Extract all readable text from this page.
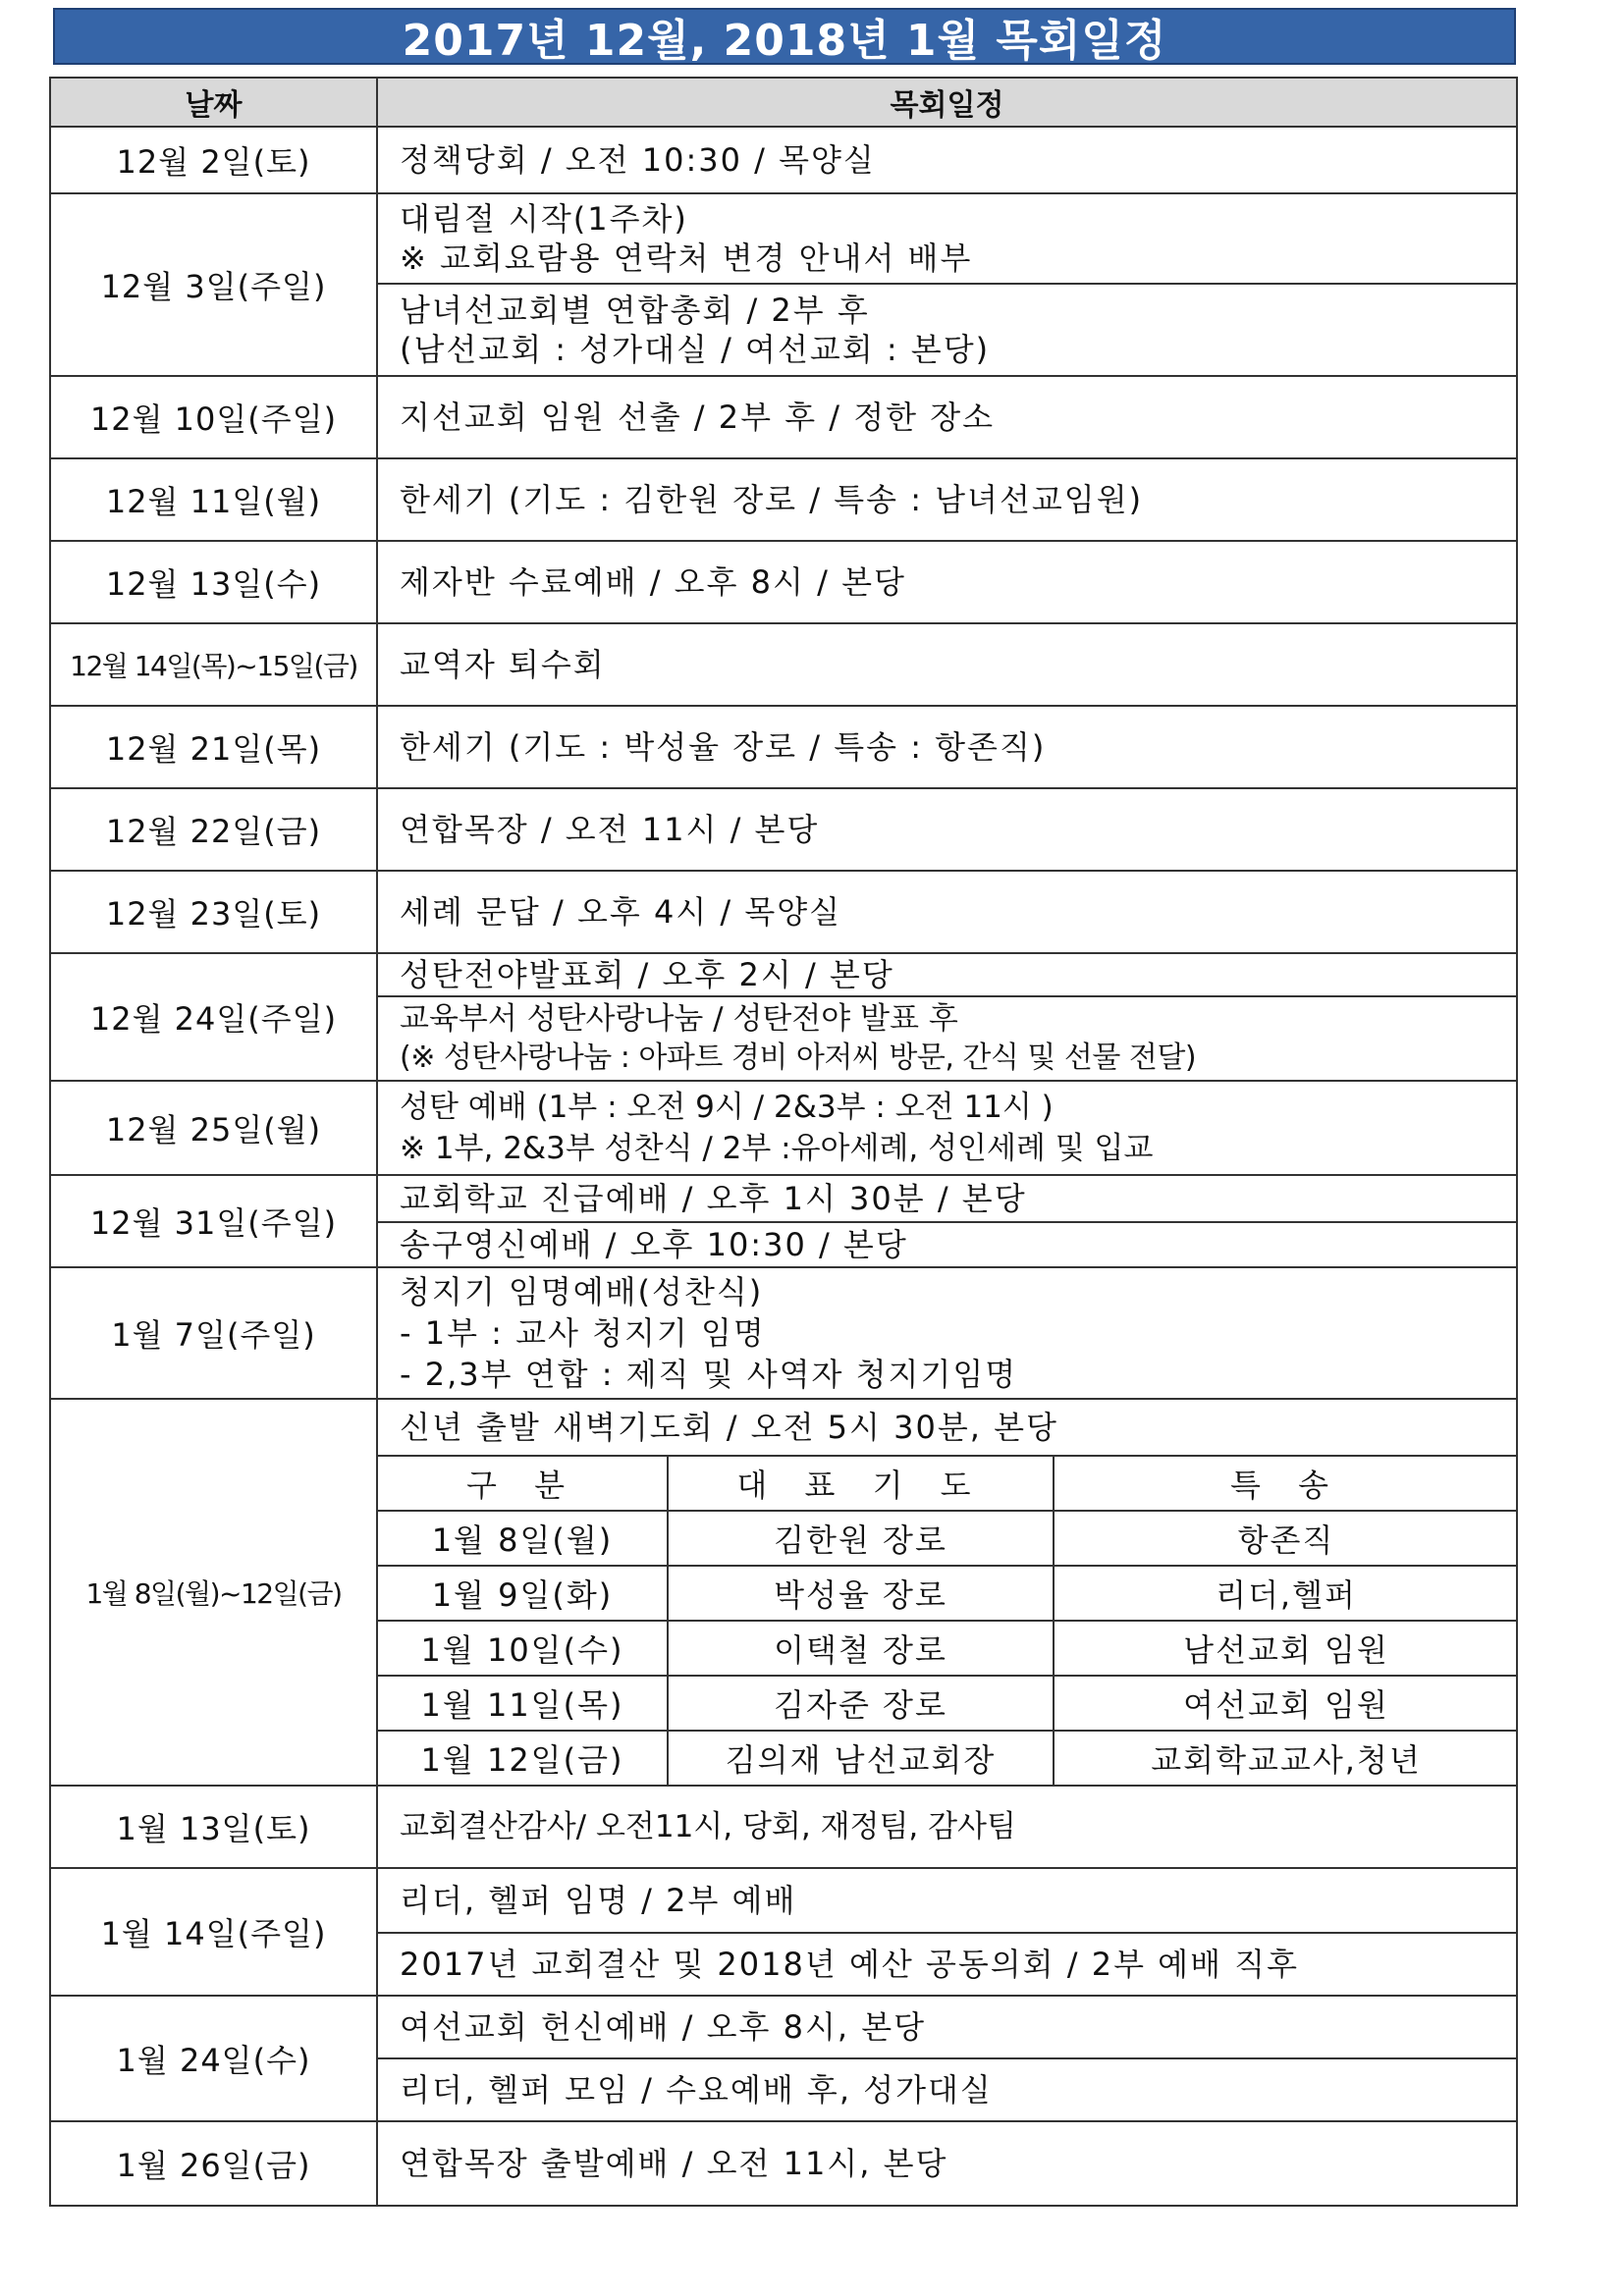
2017년 12월, 2018년 1월 목회일정
날짜	목회일정
12월 2일(토)	정책당회 / 오전 10:30 / 목양실

12월 3일(주일)	
대림절 시작(1주차)
※ 교회요람용 연락처 변경 안내서 배부
남녀선교회별 연합총회 / 2부 후
(남선교회 : 성가대실 / 여선교회 : 본당)

12월 10일(주일)	지선교회 임원 선출 / 2부 후 / 정한 장소

12월 11일(월)	한세기 (기도 : 김한원 장로 / 특송 : 남녀선교임원)

12월 13일(수)	제자반 수료예배 / 오후 8시 / 본당

12월 14일(목)~15일(금)	교역자 퇴수회

12월 21일(목)	한세기 (기도 : 박성율 장로 / 특송 : 항존직)

12월 22일(금)	연합목장 / 오전 11시 / 본당

12월 23일(토)	세례 문답 / 오후 4시 / 목양실

12월 24일(주일)	
성탄전야발표회 / 오후 2시 / 본당
교육부서 성탄사랑나눔 / 성탄전야 발표 후
(※ 성탄사랑나눔 : 아파트 경비 아저씨 방문, 간식 및 선물 전달)

12월 25일(월)	
성탄 예배 (1부 : 오전 9시 / 2&3부 : 오전 11시 )
※ 1부, 2&3부 성찬식 / 2부 :유아세례, 성인세례 및 입교

12월 31일(주일)	
교회학교 진급예배 / 오후 1시 30분 / 본당
송구영신예배 / 오후 10:30 / 본당

1월 7일(주일)	
청지기 임명예배(성찬식)
- 1부 : 교사 청지기 임명
- 2,3부 연합 : 제직 및 사역자 청지기임명

1월 8일(월)~12일(금)	
신년 출발 새벽기도회 / 오전 5시 30분, 본당
구 분	대 표 기 도	특 송
1월 8일(월)	김한원 장로	항존직
1월 9일(화)	박성율 장로	리더,헬퍼
1월 10일(수)	이택철 장로	남선교회 임원
1월 11일(목)	김자준 장로	여선교회 임원
1월 12일(금)	김의재 남선교회장	교회학교교사,청년

1월 13일(토)	교회결산감사/ 오전11시, 당회, 재정팀, 감사팀

1월 14일(주일)	
리더, 헬퍼 임명 / 2부 예배
2017년 교회결산 및 2018년 예산 공동의회 / 2부 예배 직후

1월 24일(수)	
여선교회 헌신예배 / 오후 8시, 본당
리더, 헬퍼 모임 / 수요예배 후, 성가대실

1월 26일(금)	연합목장 출발예배 / 오전 11시, 본당
